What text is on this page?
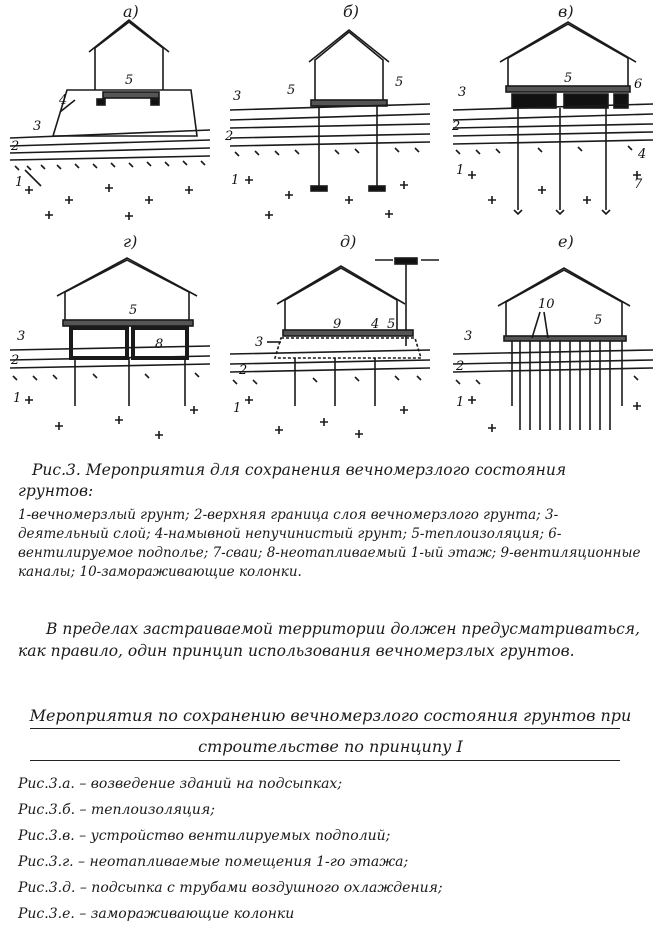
а)
5
4
3
2
1
б)
5
5
3
2
1
в)
5	6
3
2
1
4
7
г)
5
8
3
2
1
д)
9 4 5
3
2
1
е)
10
5
3
2
1
Рис.3. Мероприятия для сохранения вечномерзлого состояния грунтов:
1-вечномерзлый грунт; 2-верхняя граница слоя вечномерзлого грунта; 3-деятельный слой; 4-намывной непучинистый грунт; 5-теплоизоляция; 6-вентилируемое подполье; 7-сваи; 8-неотапливаемый 1-ый этаж; 9-вентиляционные каналы; 10-замораживающие колонки.
В пределах застраиваемой территории должен предусматриваться, как правило, один принцип использования вечномерзлых грунтов.
Мероприятия по сохранению вечномерзлого состояния грунтов при строительстве по принципу I
Рис.3.а. – возведение зданий на подсыпках;
Рис.3.б. – теплоизоляция;
Рис.3.в. – устройство вентилируемых подполий;
Рис.3.г. – неотапливаемые помещения 1-го этажа;
Рис.3.д. – подсыпка с трубами воздушного охлаждения;
Рис.3.е. – замораживающие колонки
